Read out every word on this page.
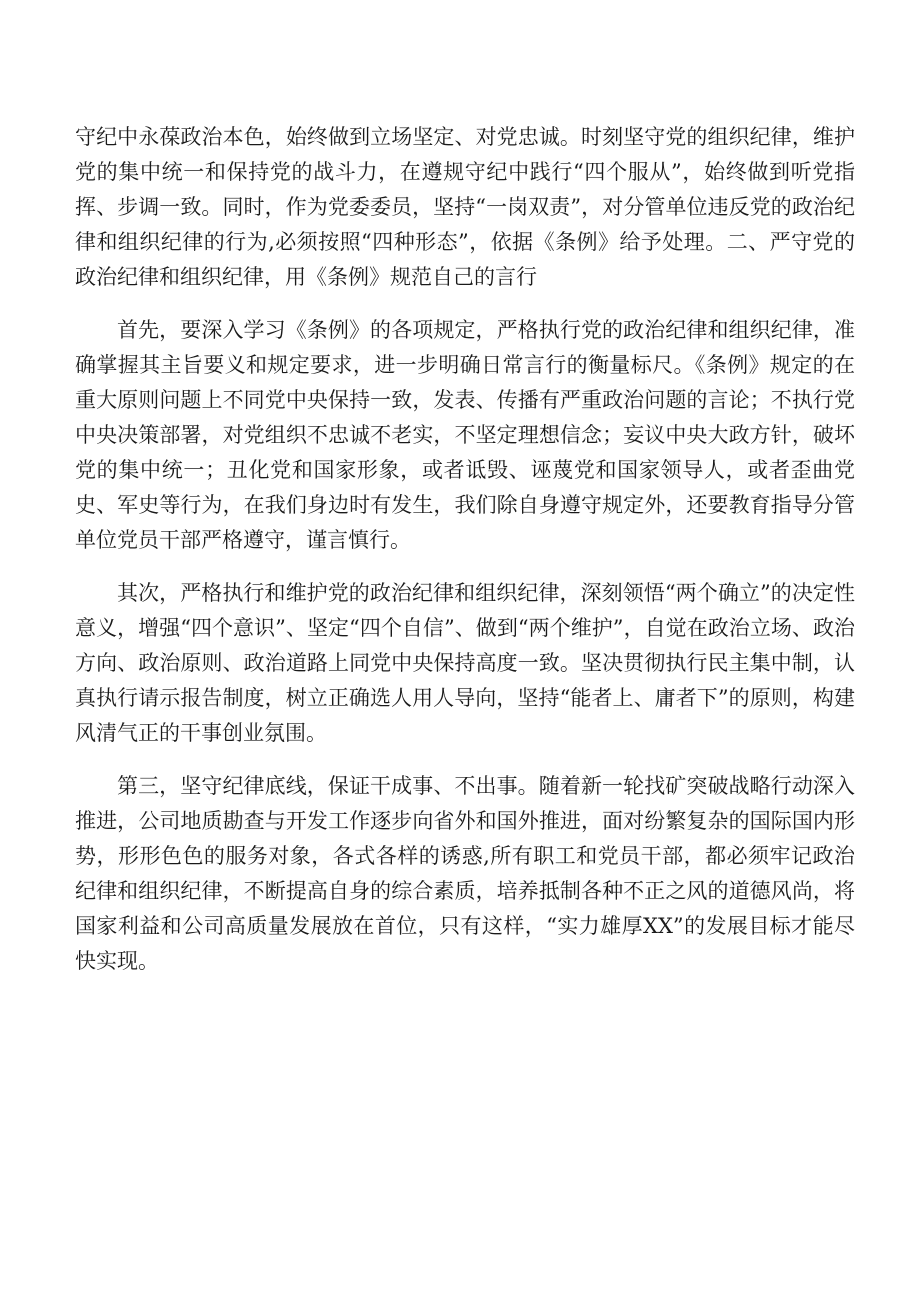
守纪中永葆政治本色，始终做到立场坚定、对党忠诚。时刻坚守党的组织纪律，维护党的集中统一和保持党的战斗力，在遵规守纪中践行“四个服从”，始终做到听党指挥、步调一致。同时，作为党委委员，坚持“一岗双责”，对分管单位违反党的政治纪律和组织纪律的行为,必须按照“四种形态”，依据《条例》给予处理。二、严守党的政治纪律和组织纪律，用《条例》规范自己的言行

首先，要深入学习《条例》的各项规定，严格执行党的政治纪律和组织纪律，准确掌握其主旨要义和规定要求，进一步明确日常言行的衡量标尺。《条例》规定的在重大原则问题上不同党中央保持一致，发表、传播有严重政治问题的言论；不执行党中央决策部署，对党组织不忠诚不老实，不坚定理想信念；妄议中央大政方针，破坏党的集中统一；丑化党和国家形象，或者诋毁、诬蔑党和国家领导人，或者歪曲党史、军史等行为，在我们身边时有发生，我们除自身遵守规定外，还要教育指导分管单位党员干部严格遵守，谨言慎行。

其次，严格执行和维护党的政治纪律和组织纪律，深刻领悟“两个确立”的决定性意义，增强“四个意识”、坚定“四个自信”、做到“两个维护”，自觉在政治立场、政治方向、政治原则、政治道路上同党中央保持高度一致。坚决贯彻执行民主集中制，认真执行请示报告制度，树立正确选人用人导向，坚持“能者上、庸者下”的原则，构建风清气正的干事创业氛围。

第三，坚守纪律底线，保证干成事、不出事。随着新一轮找矿突破战略行动深入推进，公司地质勘查与开发工作逐步向省外和国外推进，面对纷繁复杂的国际国内形势，形形色色的服务对象，各式各样的诱惑,所有职工和党员干部，都必须牢记政治纪律和组织纪律，不断提高自身的综合素质，培养抵制各种不正之风的道德风尚，将国家利益和公司高质量发展放在首位，只有这样，“实力雄厚XX”的发展目标才能尽快实现。
